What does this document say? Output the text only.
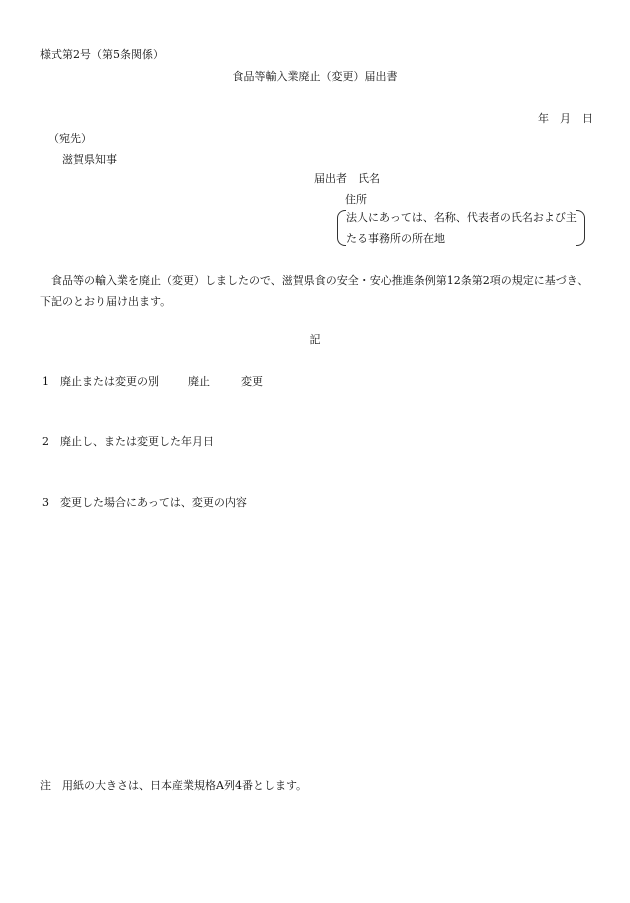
様式第2号（第5条関係）
食品等輸入業廃止（変更）届出書
年　月　日
（宛先）
滋賀県知事
届出者　氏名
住所
法人にあっては、名称、代表者の氏名および主
たる事務所の所在地
食品等の輸入業を廃止（変更）しましたので、滋賀県食の安全・安心推進条例第12条第2項の規定に基づき、下記のとおり届け出ます。
記
1　廃止または変更の別	廃止	変更
2　廃止し、または変更した年月日
3　変更した場合にあっては、変更の内容
注　用紙の大きさは、日本産業規格A列4番とします。
